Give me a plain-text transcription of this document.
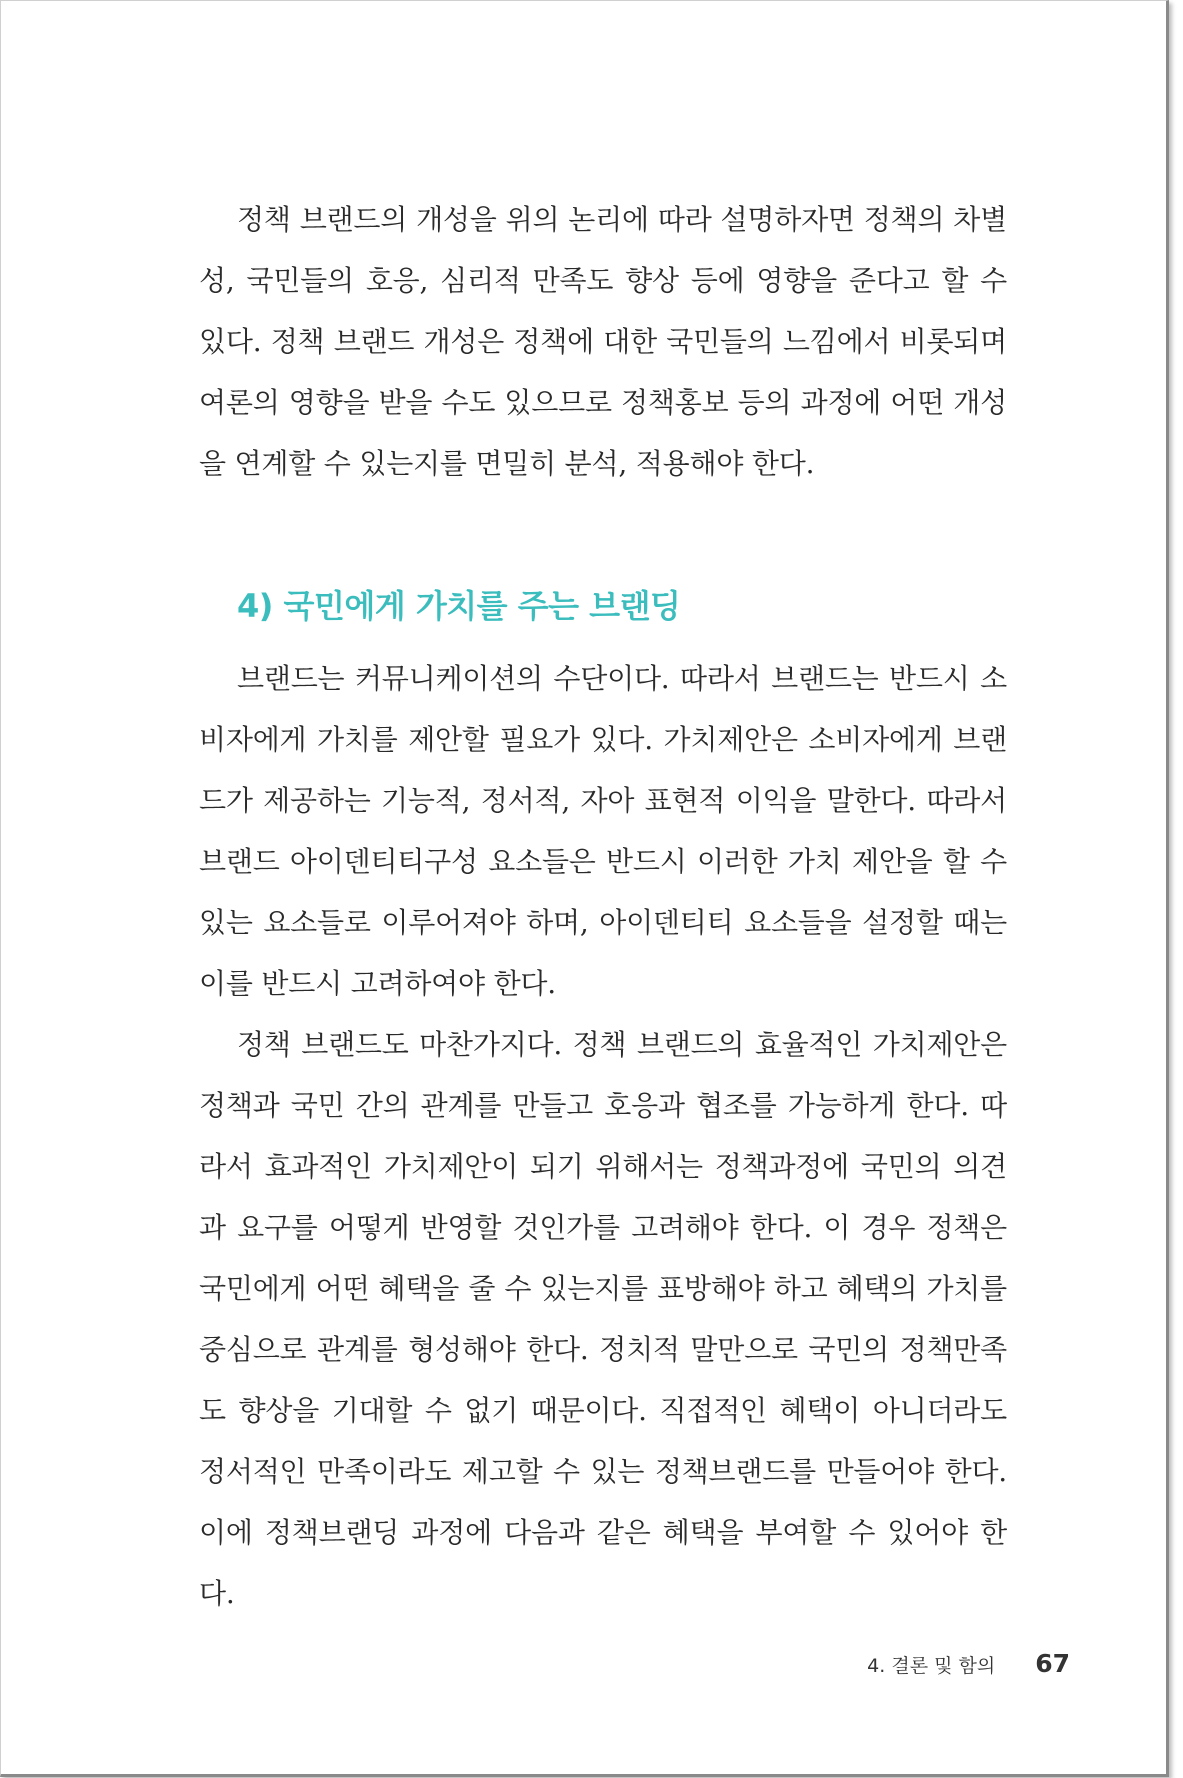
정책 브랜드의 개성을 위의 논리에 따라 설명하자면 정책의 차별성, 국민들의 호응, 심리적 만족도 향상 등에 영향을 준다고 할 수 있다. 정책 브랜드 개성은 정책에 대한 국민들의 느낌에서 비롯되며 여론의 영향을 받을 수도 있으므로 정책홍보 등의 과정에 어떤 개성을 연계할 수 있는지를 면밀히 분석, 적용해야 한다.

4) 국민에게 가치를 주는 브랜딩

브랜드는 커뮤니케이션의 수단이다. 따라서 브랜드는 반드시 소비자에게 가치를 제안할 필요가 있다. 가치제안은 소비자에게 브랜드가 제공하는 기능적, 정서적, 자아 표현적 이익을 말한다. 따라서 브랜드 아이덴티티구성 요소들은 반드시 이러한 가치 제안을 할 수 있는 요소들로 이루어져야 하며, 아이덴티티 요소들을 설정할 때는 이를 반드시 고려하여야 한다.

정책 브랜드도 마찬가지다. 정책 브랜드의 효율적인 가치제안은 정책과 국민 간의 관계를 만들고 호응과 협조를 가능하게 한다. 따라서 효과적인 가치제안이 되기 위해서는 정책과정에 국민의 의견과 요구를 어떻게 반영할 것인가를 고려해야 한다. 이 경우 정책은 국민에게 어떤 혜택을 줄 수 있는지를 표방해야 하고 혜택의 가치를 중심으로 관계를 형성해야 한다. 정치적 말만으로 국민의 정책만족도 향상을 기대할 수 없기 때문이다. 직접적인 혜택이 아니더라도 정서적인 만족이라도 제고할 수 있는 정책브랜드를 만들어야 한다. 이에 정책브랜딩 과정에 다음과 같은 혜택을 부여할 수 있어야 한다.

4. 결론 및 함의 67
